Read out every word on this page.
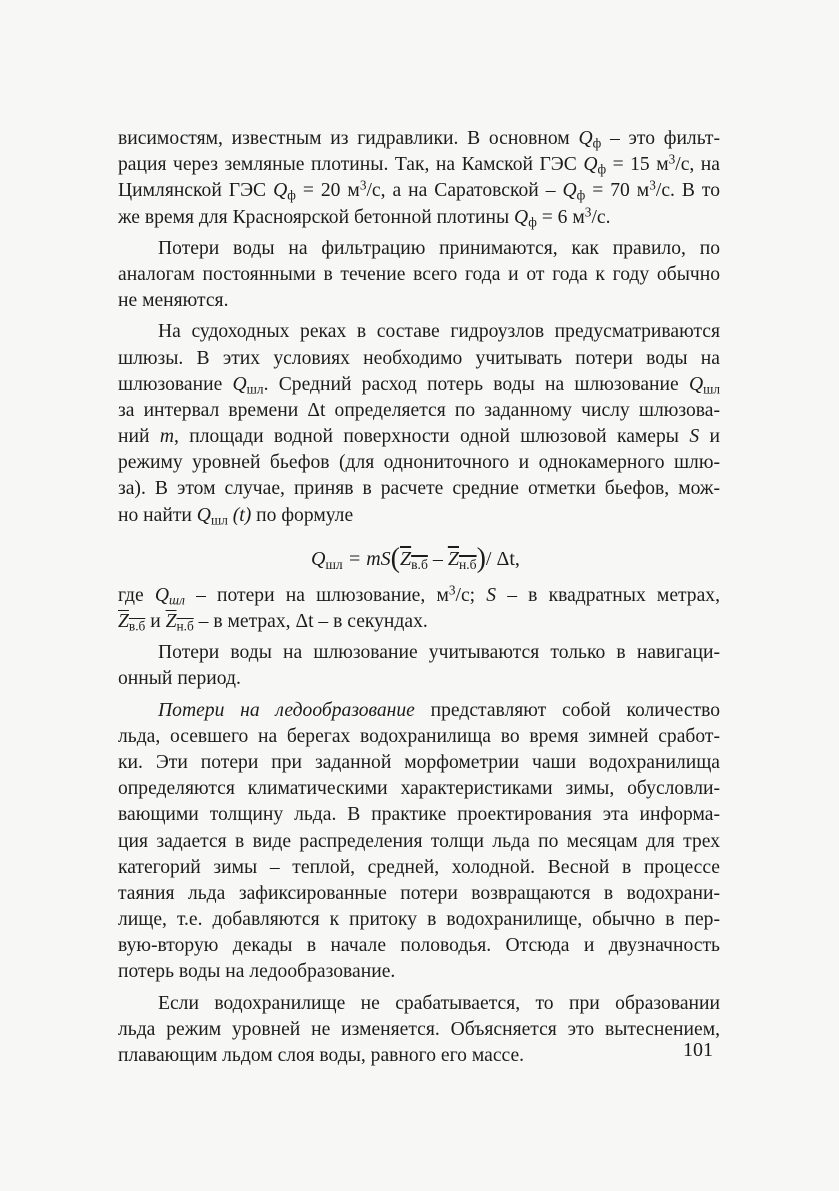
висимостям, известным из гидравлики. В основном $Q_ф$ – это фильт-
рация через земляные плотины. Так, на Камской ГЭС $Q_ф = 15$ $м^3/с$, на
Цимлянской ГЭС $Q_ф = 20$ $м^3/с$, а на Саратовской – $Q_ф = 70$ $м^3/с$. В то
же время для Красноярской бетонной плотины $Q_ф = 6$ $м^3/с$.
Потери воды на фильтрацию принимаются, как правило, по
аналогам постоянными в течение всего года и от года к году обычно
не меняются.
На судоходных реках в составе гидроузлов предусматриваются
шлюзы. В этих условиях необходимо учитывать потери воды на
шлюзование $Q_{шл}$. Средний расход потерь воды на шлюзование $Q_{шл}$
за интервал времени Δt определяется по заданному числу шлюзова-
ний m, площади водной поверхности одной шлюзовой камеры S и
режиму уровней бьефов (для однониточного и однокамерного шлю-
за). В этом случае, приняв в расчете средние отметки бьефов, мож-
но найти $Q_{шл}$ (t) по формуле
$Q_{шл} = mS(Z_{в.б} - Z_{н.б})/$ Δt,
где $Q_{шл}$ – потери на шлюзование, $м^3/с$; S – в квадратных метрах,
$Z_{в.б}$ и $Z_{н.б}$ – в метрах, Δt – в секундах.
Потери воды на шлюзование учитываются только в навигаци-
онный период.
Потери на ледообразование представляют собой количество
льда, осевшего на берегах водохранилища во время зимней сработ-
ки. Эти потери при заданной морфометрии чаши водохранилища
определяются климатическими характеристиками зимы, обусловли-
вающими толщину льда. В практике проектирования эта информа-
ция задается в виде распределения толщи льда по месяцам для трех
категорий зимы – теплой, средней, холодной. Весной в процессе
таяния льда зафиксированные потери возвращаются в водохрани-
лище, т.е. добавляются к притоку в водохранилище, обычно в пер-
вую-вторую декады в начале половодья. Отсюда и двузначность
потерь воды на ледообразование.
Если водохранилище не срабатывается, то при образовании
льда режим уровней не изменяется. Объясняется это вытеснением,
плавающим льдом слоя воды, равного его массе.	101
